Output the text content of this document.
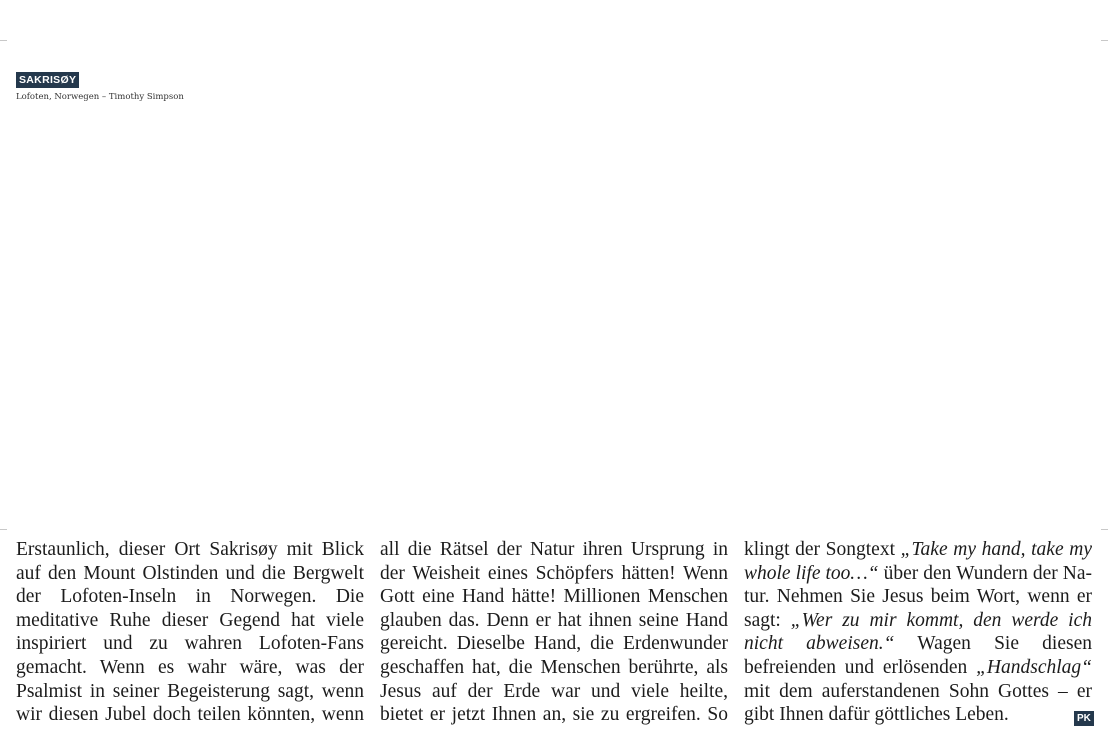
SAKRISØY
Lofoten, Norwegen – Timothy Simpson
Erstaunlich, dieser Ort Sakrisøy mit Blick auf den Mount Olstinden und die Bergwelt der Lofoten-Inseln in Norwegen. Die meditative Ruhe dieser Gegend hat viele inspiriert und zu wahren Lofoten-Fans gemacht. Wenn es wahr wäre, was der Psalmist in seiner Begeisterung sagt, wenn wir diesen Jubel doch teilen könnten, wenn
all die Rätsel der Natur ihren Ursprung in der Weisheit eines Schöpfers hätten! Wenn Gott eine Hand hätte! Millionen Menschen glauben das. Denn er hat ihnen seine Hand gereicht. Dieselbe Hand, die Erdenwunder geschaffen hat, die Menschen berührte, als Jesus auf der Erde war und viele heilte, bietet er jetzt Ihnen an, sie zu ergreifen. So
klingt der Songtext „Take my hand, take my whole life too…“ über den Wundern der Natur. Nehmen Sie Jesus beim Wort, wenn er sagt: „Wer zu mir kommt, den werde ich nicht abweisen.“ Wagen Sie diesen befreienden und erlösenden „Handschlag“ mit dem auferstandenen Sohn Gottes – er gibt Ihnen dafür göttliches Leben.	PK
